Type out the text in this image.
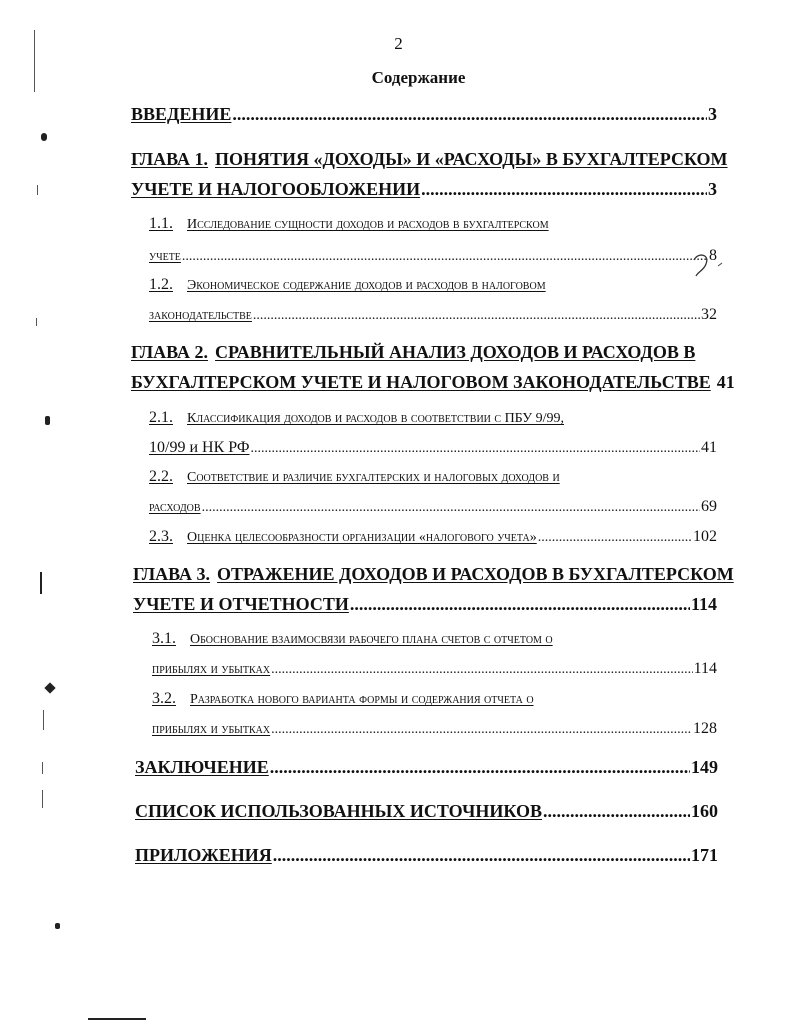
2
Содержание
ВВЕДЕНИЕ .....	3
ГЛАВА 1. ПОНЯТИЯ «ДОХОДЫ» И «РАСХОДЫ» В БУХГАЛТЕРСКОМ
УЧЕТЕ И НАЛОГООБЛОЖЕНИИ .....	3
1.1. Исследование сущности доходов и расходов в бухгалтерском
учете .....	8
1.2. Экономическое содержание доходов и расходов в налоговом
законодательстве .....	32
ГЛАВА 2. СРАВНИТЕЛЬНЫЙ АНАЛИЗ ДОХОДОВ И РАСХОДОВ В
БУХГАЛТЕРСКОМ УЧЕТЕ И НАЛОГОВОМ ЗАКОНОДАТЕЛЬСТВЕ 41
2.1. Классификация доходов и расходов в соответствии с ПБУ 9/99,
10/99 и НК РФ .....	41
2.2. Соответствие и различие бухгалтерских и налоговых доходов и
расходов .....	69
2.3. Оценка целесообразности организации «налогового учета» .....	102
ГЛАВА 3. ОТРАЖЕНИЕ ДОХОДОВ И РАСХОДОВ В БУХГАЛТЕРСКОМ
УЧЕТЕ И ОТЧЕТНОСТИ .....	114
3.1. Обоснование взаимосвязи рабочего плана счетов с отчетом о
прибылях и убытках .....	114
3.2. Разработка нового варианта формы и содержания отчета о
прибылях и убытках .....	128
ЗАКЛЮЧЕНИЕ .....	149
СПИСОК ИСПОЛЬЗОВАННЫХ ИСТОЧНИКОВ .....	160
ПРИЛОЖЕНИЯ .....	171
